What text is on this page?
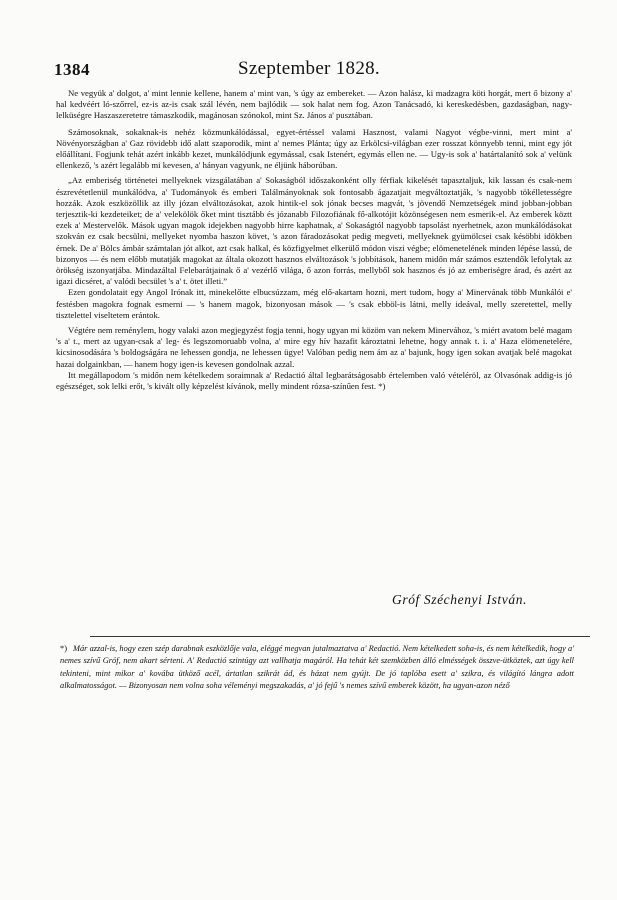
1384	Szeptember 1828.

Ne vegyük a' dolgot, a' mint lennie kellene, hanem a' mint van, 's úgy az embereket. — Azon halász, ki madzagra köti horgát, mert ő bizony a' hal kedvéért ló-szőrrel, ez-is az-is csak szál lévén, nem bajlódik — sok halat nem fog. Azon Tanácsadó, ki kereskedésben, gazdaságban, nagy-lelküségre Haszaszeretetre támaszkodik, magánosan szónokol, mint Sz. János a' pusztában.

Számosoknak, sokaknak-is nehéz közmunkálódással, egyet-értéssel valami Hasznost, valami Nagyot végbe-vinni, mert mint a' Növényországban a' Gaz rövidebb idő alatt szaporodik, mint a' nemes Plánta; úgy az Erkölcsi-világban ezer rosszat könnyebb tenni, mint egy jót előállítani. Fogjunk tehát azért inkább kezet, munkálódjunk egymással, csak Istenért, egymás ellen ne. — Ugy-is sok a' határtalanító sok a' velünk ellenkező, 's azért legalább mi kevesen, a' hányan vagyunk, ne éljünk háborúban.

„Az emberiség történetei mellyeknek vizsgálatában a' Sokaságból időszakonként olly férfiak kikelését tapasztaljuk, kik lassan és csak-nem észrevétetlenül munkálódva, a' Tudományok és emberi Találmányoknak sok fontosabb ágazatjait megváltoztatják, 's nagyobb tökélletességre hozzák. Azok eszközöllik az illy józan elváltozásokat, azok hintik-el sok jónak becses magvát, 's jövendő Nemzetségek mind jobban-jobban terjesztik-ki kezdeteiket; de a' velekölök őket mint tisztább és józanabb Filozofiának fő-alkotójit közönségesen nem esmerik-el. Az emberek köztt ezek a' Mestervelők. Mások ugyan magok idejekben nagyobb hirre kaphatnak, a' Sokaságtól nagyobb tapsolást nyerhetnek, azon munkálódásokat szokván ez csak becsülni, mellyeket nyomba haszon követ, 's azon fáradozásokat pedig megveti, mellyeknek gyümölcsei csak késöbbi idökben érnek. De a' Bölcs ámbár számtalan jót alkot, azt csak halkal, és közfigyelmet elkerülő módon viszi végbe; elömenetelének minden lépése lassú, de bizonyos — és nem előbb mutatják magokat az általa okozott hasznos elváltozások 's jobbítások, hanem midőn már számos esztendők lefolytak az örökség iszonyatjába. Mindazáltal Felebarátjainak ő a' vezérlő világa, ő azon forrás, mellyből sok hasznos és jó az emberiségre árad, és azért az igazi dicséret, a' valódi becsület 's a' t. ötet illeti.”

Ezen gondolatait egy Angol Irónak itt, minekelőtte elbucsúzzam, még elő-akartam hozni, mert tudom, hogy a' Minervának több Munkálói e' festésben magokra fognak esmerni — 's hanem magok, bizonyosan mások — 's csak ebböl-is látni, melly ideával, melly szeretettel, melly tisztelettel viseltetem erántok.

Végtére nem reménylem, hogy valaki azon megjegyzést fogja tenni, hogy ugyan mi közöm van nekem Minervához, 's miért avatom belé magam 's a' t., mert az ugyan-csak a' leg- és legszomoruabb volna, a' mire egy hív hazafit károztatni lehetne, hogy annak t. i. a' Haza elömenetelére, kicsinosodására 's boldogságára ne lehessen gondja, ne lehessen ügye! Valóban pedig nem ám az a' bajunk, hogy igen sokan avatjak belé magokat hazai dolgainkban, — hanem hogy igen-is kevesen gondolnak azzal.

Itt megállapodom 's midőn nem kételkedem soraimnak a' Redactió által legbarátságosabb értelemben való vételéröl, az Olvasónak addig-is jó egészséget, sok lelki erőt, 's kivált olly képzelést kívánok, melly mindent rózsa-színűen fest. *)

Gróf Széchenyi István.
*) Már azzal-is, hogy ezen szép darabnak eszközlője vala, eléggé megvan jutalmaztatva a' Redactió. Nem kételkedett soha-is, és nem kételkedik, hogy a' nemes szívű Gróf, nem akart sérteni. A' Redactió szintúgy azt vallhatja magáról. Ha tehát két szemközben álló elmésségek összve-ütköztek, azt úgy kell tekinteni, mint mikor a' kovába ütköző acél, ártatlan szikrát ád, és házat nem gyújt. De jó taplóba esett a' szikra, és világító lángra adott alkalmatosságot. — Bizonyosan nem volna soha véleményi megszakadás, a' jó fejű 's nemes szívű emberek között, ha ugyan-azon néző
